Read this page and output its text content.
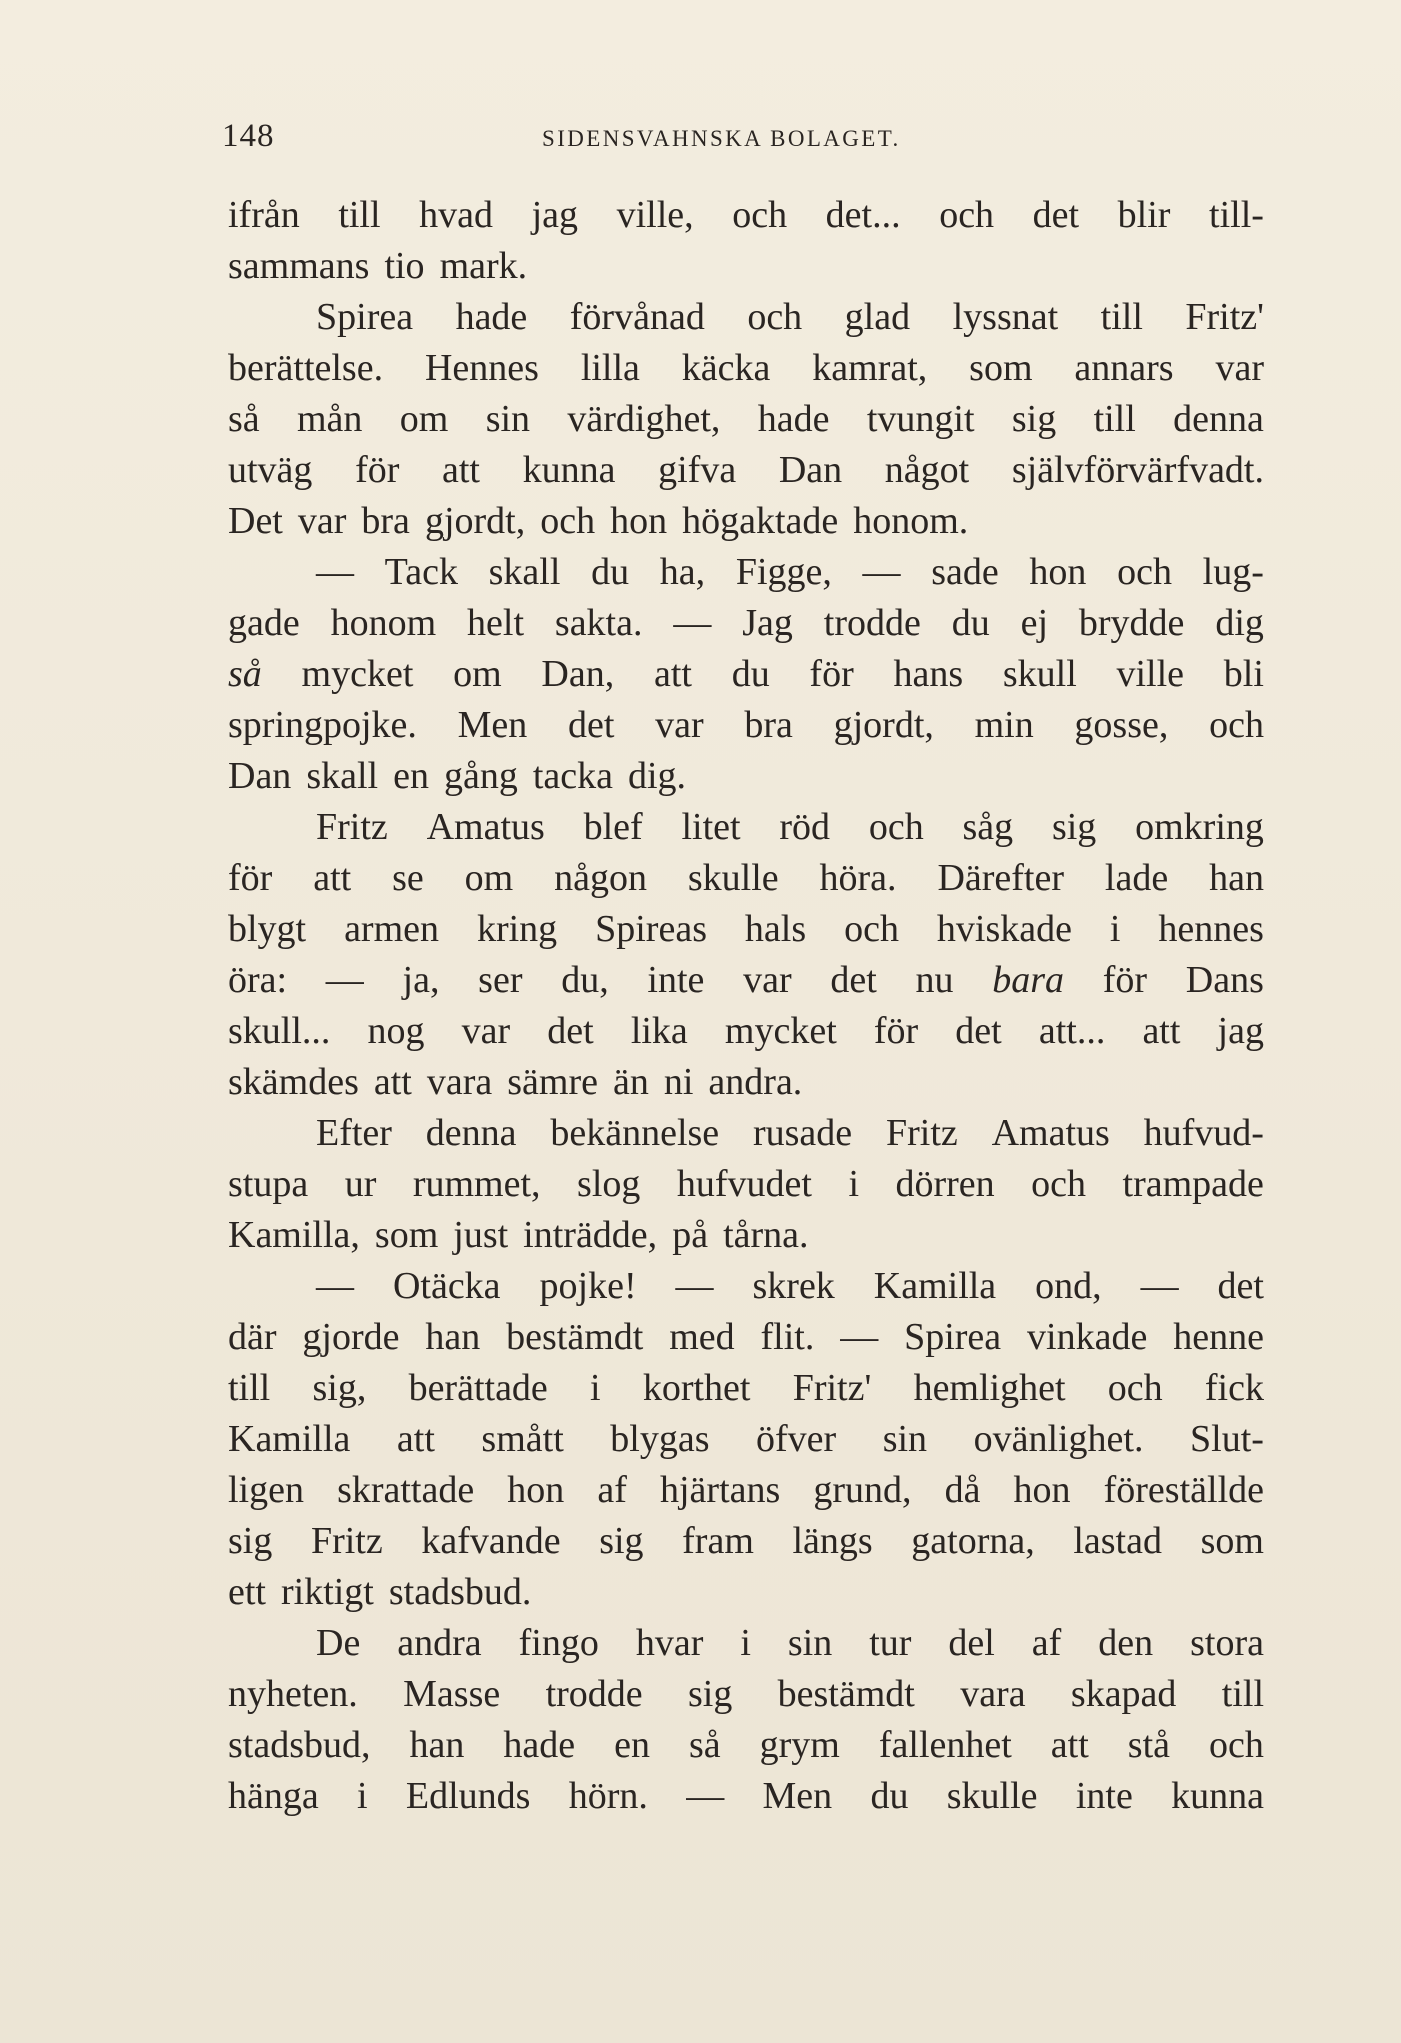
148	SIDENSVAHNSKA BOLAGET.
ifrån till hvad jag ville, och det... och det blir till-
sammans tio mark.
Spirea hade förvånad och glad lyssnat till Fritz'
berättelse. Hennes lilla käcka kamrat, som annars var
så mån om sin värdighet, hade tvungit sig till denna
utväg för att kunna gifva Dan något självförvärfvadt.
Det var bra gjordt, och hon högaktade honom.
— Tack skall du ha, Figge, — sade hon och lug-
gade honom helt sakta. — Jag trodde du ej brydde dig
så mycket om Dan, att du för hans skull ville bli
springpojke. Men det var bra gjordt, min gosse, och
Dan skall en gång tacka dig.
Fritz Amatus blef litet röd och såg sig omkring
för att se om någon skulle höra. Därefter lade han
blygt armen kring Spireas hals och hviskade i hennes
öra: — ja, ser du, inte var det nu bara för Dans
skull... nog var det lika mycket för det att... att jag
skämdes att vara sämre än ni andra.
Efter denna bekännelse rusade Fritz Amatus hufvud-
stupa ur rummet, slog hufvudet i dörren och trampade
Kamilla, som just inträdde, på tårna.
— Otäcka pojke! — skrek Kamilla ond, — det
där gjorde han bestämdt med flit. — Spirea vinkade henne
till sig, berättade i korthet Fritz' hemlighet och fick
Kamilla att smått blygas öfver sin ovänlighet. Slut-
ligen skrattade hon af hjärtans grund, då hon föreställde
sig Fritz kafvande sig fram längs gatorna, lastad som
ett riktigt stadsbud.
De andra fingo hvar i sin tur del af den stora
nyheten. Masse trodde sig bestämdt vara skapad till
stadsbud, han hade en så grym fallenhet att stå och
hänga i Edlunds hörn. — Men du skulle inte kunna
